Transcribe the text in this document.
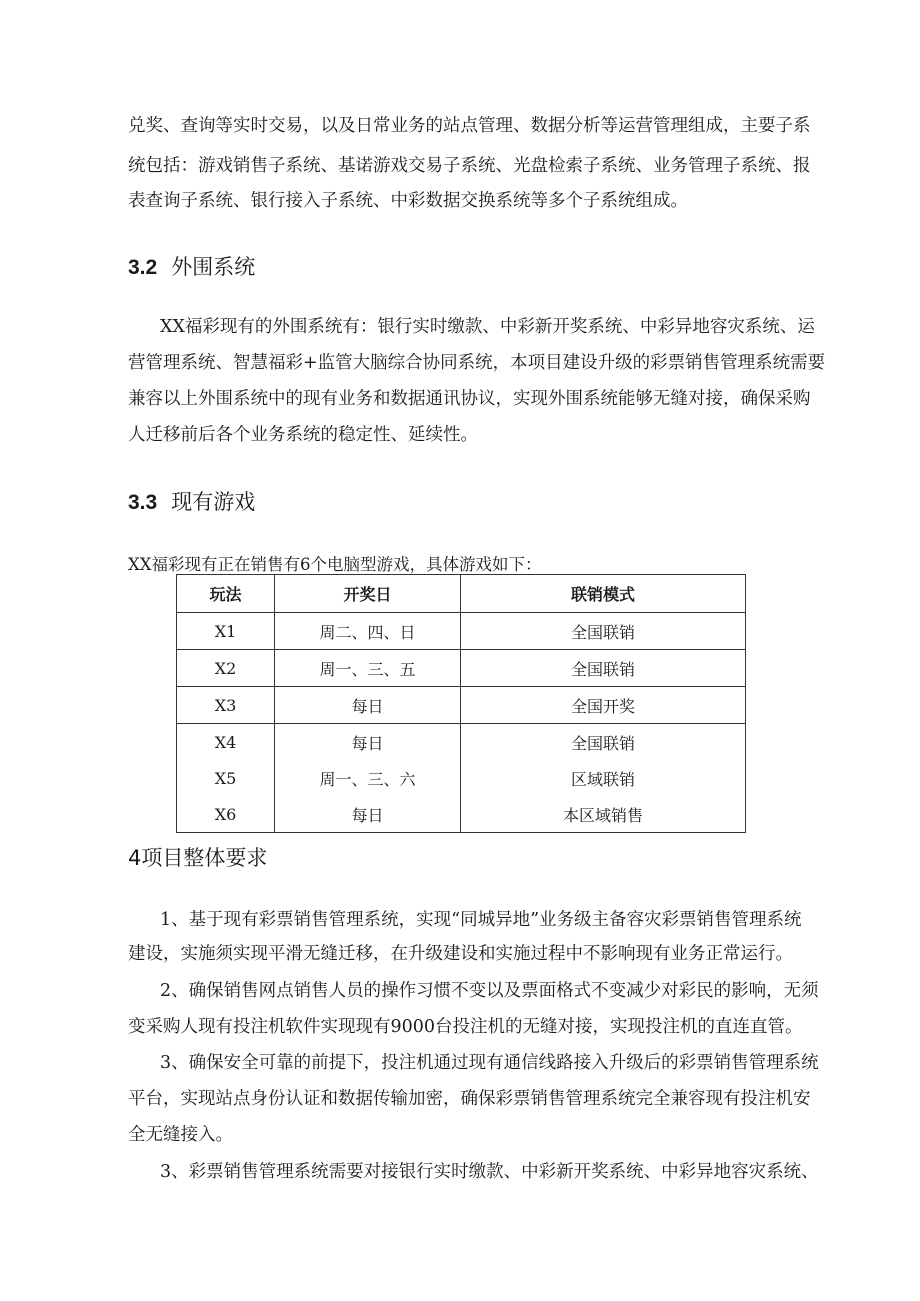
兑奖、查询等实时交易，以及日常业务的站点管理、数据分析等运营管理组成，主要子系
统包括：游戏销售子系统、基诺游戏交易子系统、光盘检索子系统、业务管理子系统、报
表查询子系统、银行接入子系统、中彩数据交换系统等多个子系统组成。
3.2 外围系统
XX福彩现有的外围系统有：银行实时缴款、中彩新开奖系统、中彩异地容灾系统、运
营管理系统、智慧福彩+监管大脑综合协同系统，本项目建设升级的彩票销售管理系统需要
兼容以上外围系统中的现有业务和数据通讯协议，实现外围系统能够无缝对接，确保采购
人迁移前后各个业务系统的稳定性、延续性。
3.3 现有游戏
XX福彩现有正在销售有6个电脑型游戏，具体游戏如下：
玩法	开奖日	联销模式
X1	周二、四、日	全国联销
X2	周一、三、五	全国联销
X3	每日	全国开奖
X4	每日	全国联销
X5	周一、三、六	区域联销
X6	每日	本区域销售
4项目整体要求
1、基于现有彩票销售管理系统，实现“同城异地”业务级主备容灾彩票销售管理系统
建设，实施须实现平滑无缝迁移，在升级建设和实施过程中不影响现有业务正常运行。
2、确保销售网点销售人员的操作习惯不变以及票面格式不变减少对彩民的影响，无须
变采购人现有投注机软件实现现有9000台投注机的无缝对接，实现投注机的直连直管。
3、确保安全可靠的前提下，投注机通过现有通信线路接入升级后的彩票销售管理系统
平台，实现站点身份认证和数据传输加密，确保彩票销售管理系统完全兼容现有投注机安
全无缝接入。
3、彩票销售管理系统需要对接银行实时缴款、中彩新开奖系统、中彩异地容灾系统、
